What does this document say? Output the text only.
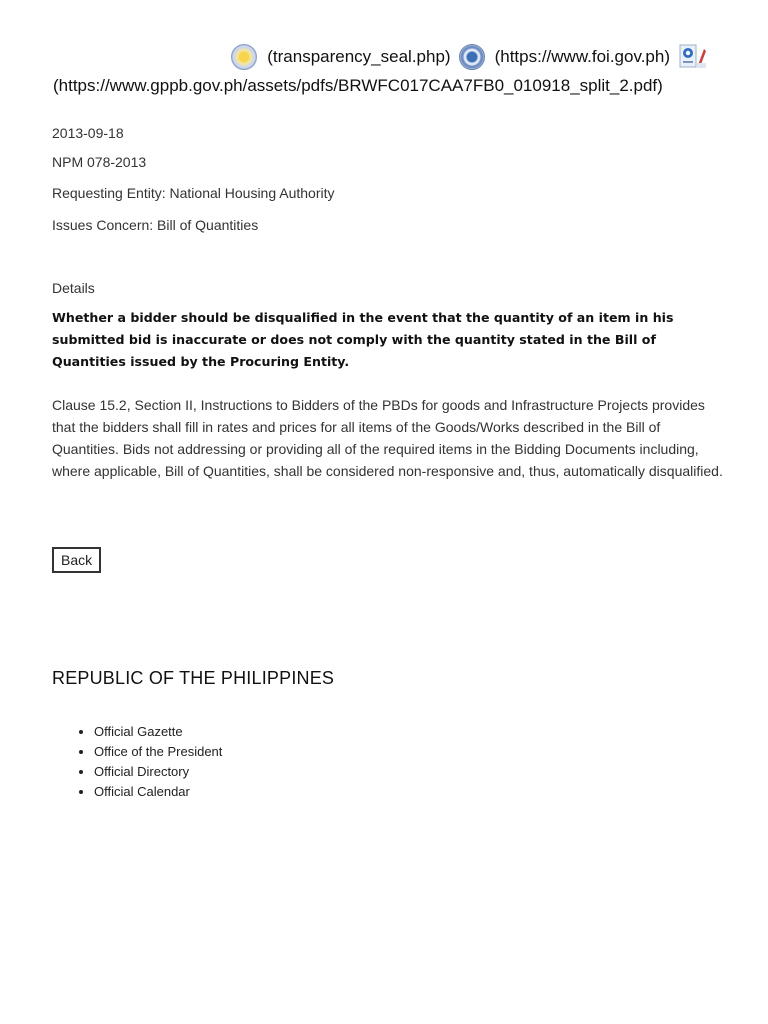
(transparency_seal.php)	(https://www.foi.gov.ph)
(https://www.gppb.gov.ph/assets/pdfs/BRWFC017CAA7FB0_010918_split_2.pdf)
2013-09-18
NPM 078-2013
Requesting Entity: National Housing Authority
Issues Concern: Bill of Quantities
Details
Whether a bidder should be disqualified in the event that the quantity of an item in his submitted bid is inaccurate or does not comply with the quantity stated in the Bill of Quantities issued by the Procuring Entity.
Clause 15.2, Section II, Instructions to Bidders of the PBDs for goods and Infrastructure Projects provides that the bidders shall fill in rates and prices for all items of the Goods/Works described in the Bill of Quantities. Bids not addressing or providing all of the required items in the Bidding Documents including, where applicable, Bill of Quantities, shall be considered non-responsive and, thus, automatically disqualified.
Back
REPUBLIC OF THE PHILIPPINES
• Official Gazette
• Office of the President
• Official Directory
• Official Calendar
